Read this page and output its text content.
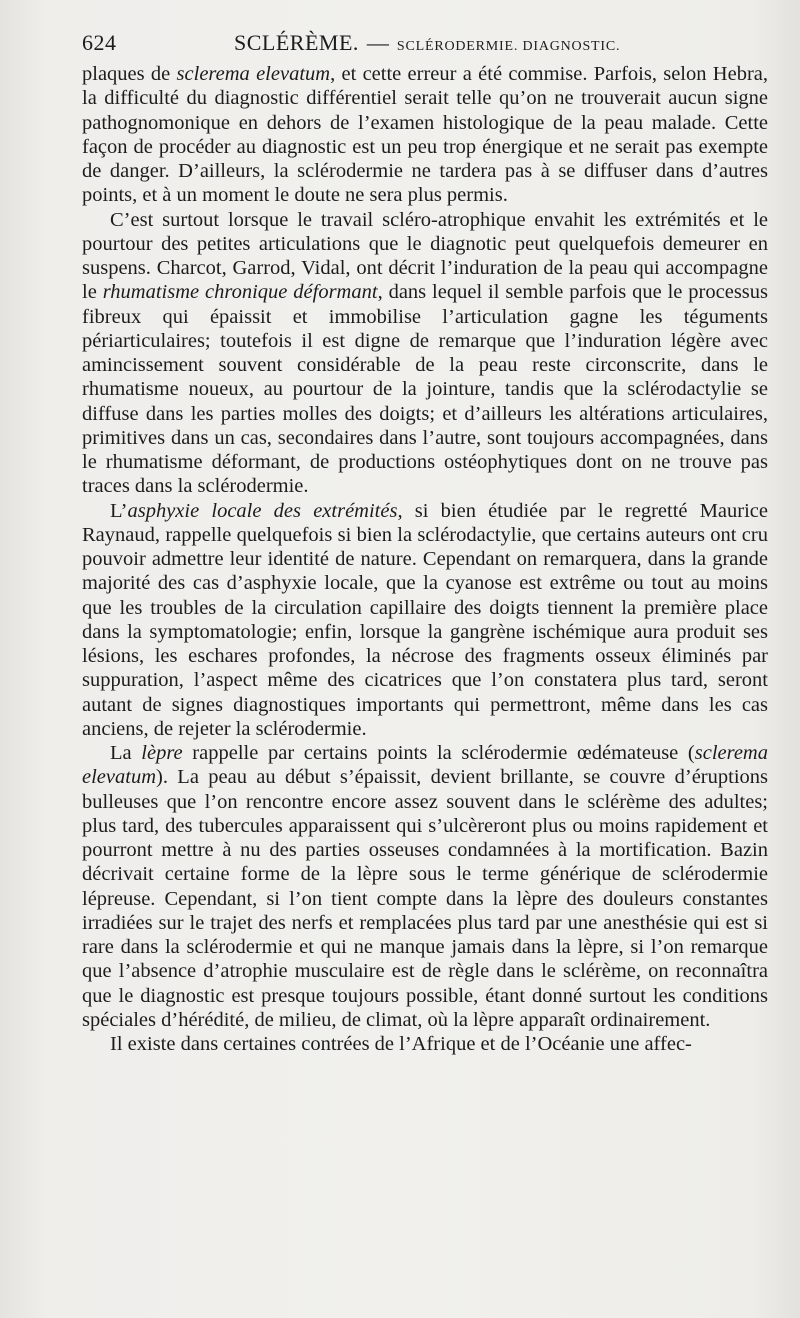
624	SCLÉRÈME. — SCLÉRODERMIE. DIAGNOSTIC.

plaques de sclerema elevatum, et cette erreur a été commise. Parfois, selon Hebra, la difficulté du diagnostic différentiel serait telle qu’on ne trouverait aucun signe pathognomonique en dehors de l’examen histologique de la peau malade. Cette façon de procéder au diagnostic est un peu trop énergique et ne serait pas exempte de danger. D’ailleurs, la sclérodermie ne tardera pas à se diffuser dans d’autres points, et à un moment le doute ne sera plus permis.

C’est surtout lorsque le travail scléro-atrophique envahit les extrémités et le pourtour des petites articulations que le diagnotic peut quelquefois demeurer en suspens. Charcot, Garrod, Vidal, ont décrit l’induration de la peau qui accompagne le rhumatisme chronique déformant, dans lequel il semble parfois que le processus fibreux qui épaissit et immobilise l’articulation gagne les téguments périarticulaires; toutefois il est digne de remarque que l’induration légère avec amincissement souvent considérable de la peau reste circonscrite, dans le rhumatisme noueux, au pourtour de la jointure, tandis que la sclérodactylie se diffuse dans les parties molles des doigts; et d’ailleurs les altérations articulaires, primitives dans un cas, secondaires dans l’autre, sont toujours accompagnées, dans le rhumatisme déformant, de productions ostéophytiques dont on ne trouve pas traces dans la sclérodermie.

L’asphyxie locale des extrémités, si bien étudiée par le regretté Maurice Raynaud, rappelle quelquefois si bien la sclérodactylie, que certains auteurs ont cru pouvoir admettre leur identité de nature. Cependant on remarquera, dans la grande majorité des cas d’asphyxie locale, que la cyanose est extrême ou tout au moins que les troubles de la circulation capillaire des doigts tiennent la première place dans la symptomatologie; enfin, lorsque la gangrène ischémique aura produit ses lésions, les eschares profondes, la nécrose des fragments osseux éliminés par suppuration, l’aspect même des cicatrices que l’on constatera plus tard, seront autant de signes diagnostiques importants qui permettront, même dans les cas anciens, de rejeter la sclérodermie.

La lèpre rappelle par certains points la sclérodermie œdémateuse (sclerema elevatum). La peau au début s’épaissit, devient brillante, se couvre d’éruptions bulleuses que l’on rencontre encore assez souvent dans le sclérème des adultes; plus tard, des tubercules apparaissent qui s’ulcèreront plus ou moins rapidement et pourront mettre à nu des parties osseuses condamnées à la mortification. Bazin décrivait certaine forme de la lèpre sous le terme générique de sclérodermie lépreuse. Cependant, si l’on tient compte dans la lèpre des douleurs constantes irradiées sur le trajet des nerfs et remplacées plus tard par une anesthésie qui est si rare dans la sclérodermie et qui ne manque jamais dans la lèpre, si l’on remarque que l’absence d’atrophie musculaire est de règle dans le sclérème, on reconnaîtra que le diagnostic est presque toujours possible, étant donné surtout les conditions spéciales d’hérédité, de milieu, de climat, où la lèpre apparaît ordinairement.

Il existe dans certaines contrées de l’Afrique et de l’Océanie une affec-
